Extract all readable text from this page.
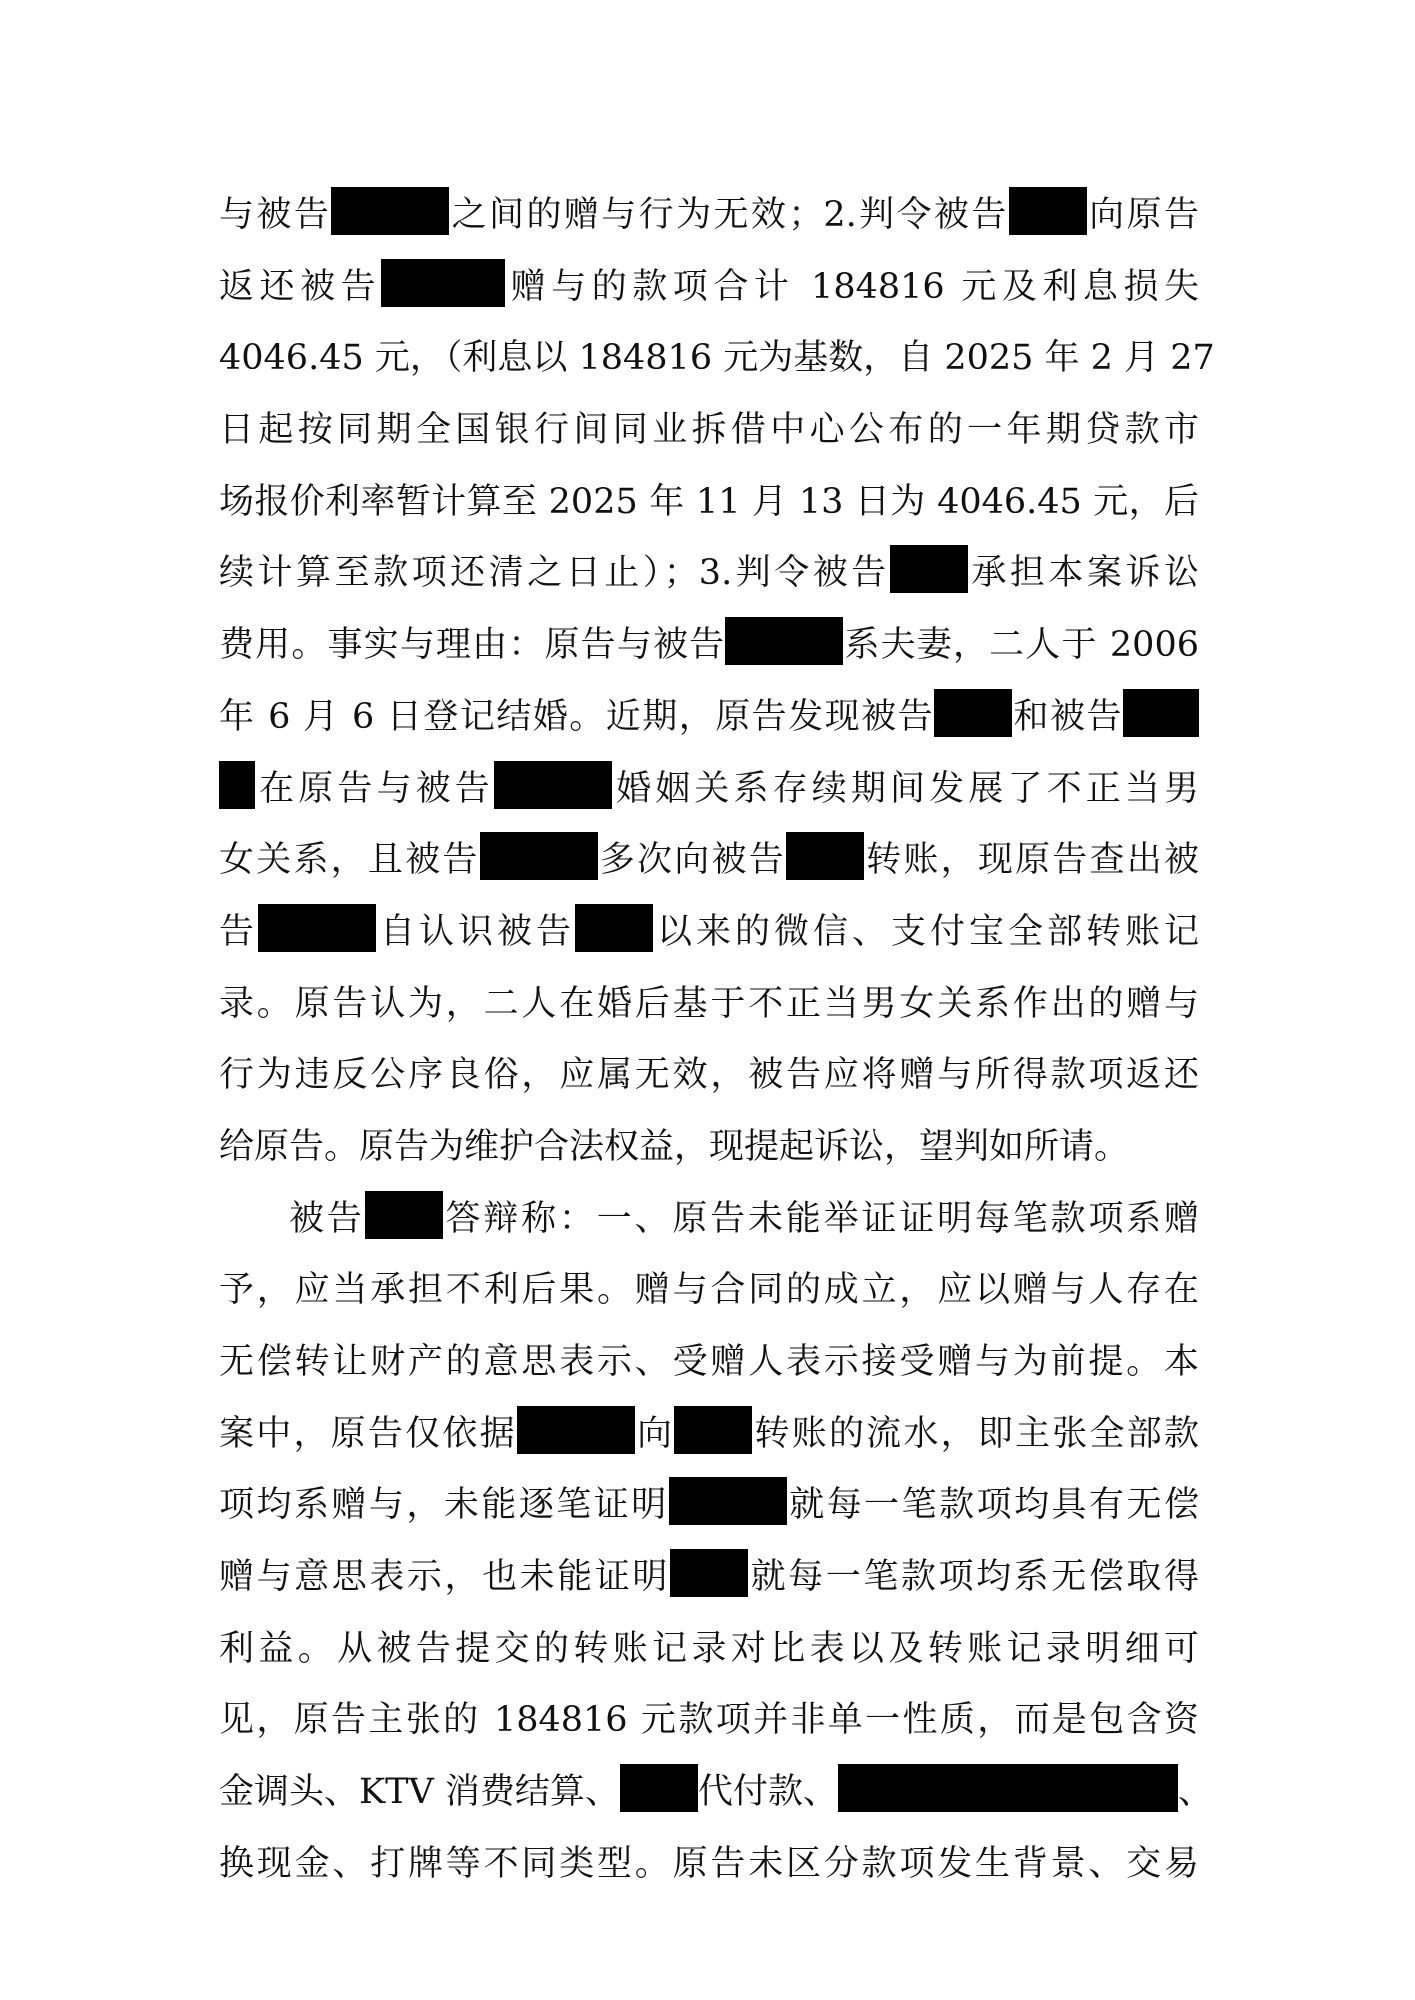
与被告	之间的赠与行为无效；2.判令被告 向原告
返还被告	赠与的款项合计 184816 元及利息损失
4046.45 元，（利息以 184816 元为基数，自 2025 年 2 月 27
日起按同期全国银行间同业拆借中心公布的一年期贷款市
场报价利率暂计算至 2025 年 11 月 13 日为 4046.45 元，后
续计算至款项还清之日止）；3.判令被告 承担本案诉讼
费用。事实与理由：原告与被告	系夫妻，二人于 2006
年 6 月 6 日登记结婚。近期，原告发现被告 和被告
在原告与被告	婚姻关系存续期间发展了不正当男
女关系，且被告	多次向被告 转账，现原告查出被
告	自认识被告 以来的微信、支付宝全部转账记
录。原告认为，二人在婚后基于不正当男女关系作出的赠与
行为违反公序良俗，应属无效，被告应将赠与所得款项返还
给原告。原告为维护合法权益，现提起诉讼，望判如所请。
被告 答辩称：一、原告未能举证证明每笔款项系赠
予，应当承担不利后果。赠与合同的成立，应以赠与人存在
无偿转让财产的意思表示、受赠人表示接受赠与为前提。本
案中，原告仅依据	向 转账的流水，即主张全部款
项均系赠与，未能逐笔证明	就每一笔款项均具有无偿
赠与意思表示，也未能证明 就每一笔款项均系无偿取得
利益。从被告提交的转账记录对比表以及转账记录明细可
见，原告主张的 184816 元款项并非单一性质，而是包含资
金调头、KTV 消费结算、 代付款、	、
换现金、打牌等不同类型。原告未区分款项发生背景、交易
